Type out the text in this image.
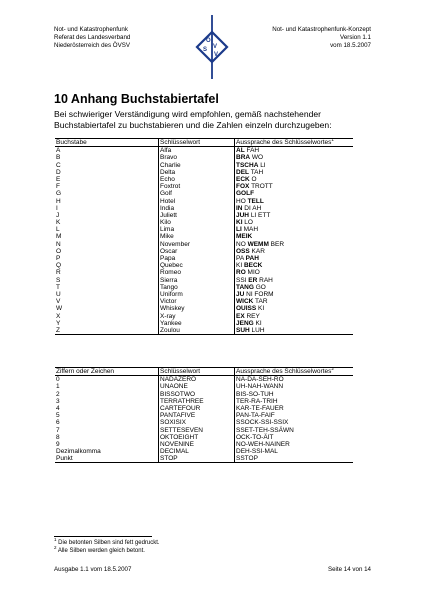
Not- und Katastrophenfunk
Referat des Landesverband
Niederösterreich des ÖVSV
Ö
V
S
V
Not- und Katastrophenfunk-Konzept
Version 1.1
vom 18.5.2007
10 Anhang Buchstabiertafel
Bei schwieriger Verständigung wird empfohlen, gemäß nachstehender Buchstabiertafel zu buchstabieren und die Zahlen einzeln durchzugeben:
Buchstabe	Schlüsselwort	Aussprache des Schlüsselwortes$^1$
A	Alfa	AL FAH
B	Bravo	BRA WO
C	Charlie	TSCHA LI
D	Delta	DEL TAH
E	Echo	ECK O
F	Foxtrot	FOX TROTT
G	Golf	GOLF
H	Hotel	HO TELL
I	India	IN DI AH
J	Juliett	JUH LI ETT
K	Kilo	KI LO
L	Lima	LI MAH
M	Mike	MEIK
N	November	NO WEMM BER
O	Oscar	OSS KAR
P	Papa	PA PAH
Q	Quebec	KI BECK
R	Romeo	RO MIO
S	Sierra	SSI ER RAH
T	Tango	TANG GO
U	Uniform	JU NI FORM
V	Victor	WICK TAR
W	Whiskey	OUISS KI
X	X-ray	EX REY
Y	Yankee	JENG KI
Z	Zoulou	SUH LUH
Ziffern oder Zeichen	Schlüsselwort	Aussprache des Schlüsselwortes$^2$
0	NADAZERO	NA-DA-SEH-RO
1	UNAONE	UH-NAH-WANN
2	BISSOTWO	BIS-SO-TUH
3	TERRATHREE	TER-RA-TRIH
4	CARTEFOUR	KAR-TE-FAUER
5	PANTAFIVE	PAN-TA-FAIF
6	SOXISIX	SSOCK-SSI-SSIX
7	SETTESEVEN	SSET-TEH-SSÄWN
8	OKTOEIGHT	OCK-TO-ÄIT
9	NOVENINE	NO-WEH-NAINER
Dezimalkomma	DECIMAL	DEH-SSI-MAL
Punkt	STOP	SSTOP
$^1$ Die betonten Silben sind fett gedruckt.
$^2$ Alle Silben werden gleich betont.
Ausgabe 1.1 vom 18.5.2007	Seite 14 von 14
